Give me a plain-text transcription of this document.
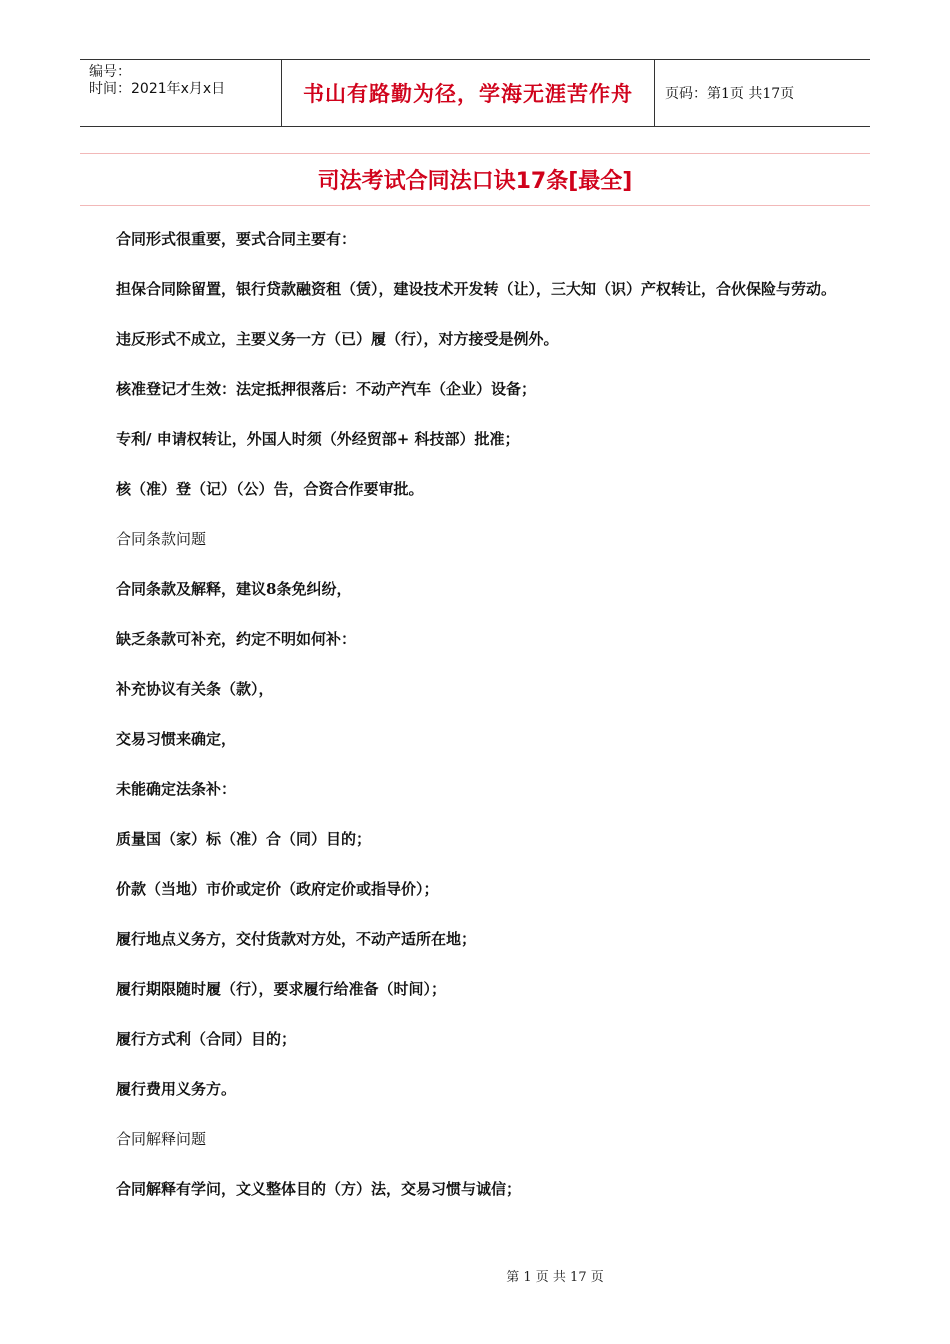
编号：
时间：2021年x月x日	书山有路勤为径，学海无涯苦作舟	页码：第1页 共17页
司法考试合同法口诀17条[最全]

合同形式很重要，要式合同主要有：

担保合同除留置，银行贷款融资租（赁），建设技术开发转（让），三大知（识）产权转让，合伙保险与劳动。

违反形式不成立，主要义务一方（已）履（行），对方接受是例外。

核准登记才生效：法定抵押很落后：不动产汽车（企业）设备；

专利/ 申请权转让，外国人时须（外经贸部+ 科技部）批准；

核（准）登（记）（公）告，合资合作要审批。

合同条款问题

合同条款及解释，建议8条免纠纷，

缺乏条款可补充，约定不明如何补：

补充协议有关条（款），

交易习惯来确定，

未能确定法条补：

质量国（家）标（准）合（同）目的；

价款（当地）市价或定价（政府定价或指导价）；

履行地点义务方，交付货款对方处，不动产适所在地；

履行期限随时履（行），要求履行给准备（时间）；

履行方式利（合同）目的；

履行费用义务方。

合同解释问题

合同解释有学问，文义整体目的（方）法，交易习惯与诚信；

第 1 页 共 17 页
